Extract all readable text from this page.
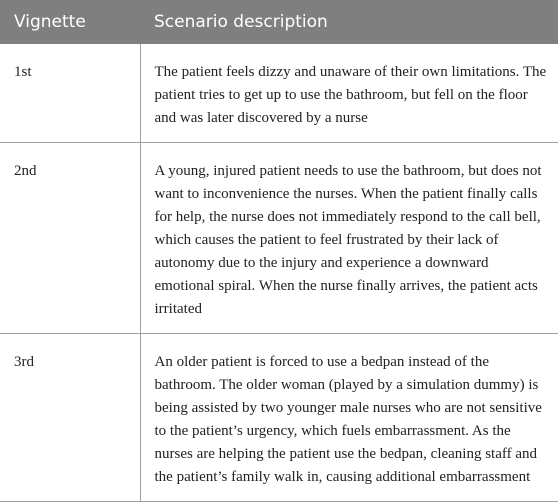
Vignette	Scenario description
1st	The patient feels dizzy and unaware of their own limitations. The patient tries to get up to use the bathroom, but fell on the floor and was later discovered by a nurse
2nd	A young, injured patient needs to use the bathroom, but does not want to inconvenience the nurses. When the patient finally calls for help, the nurse does not immediately respond to the call bell, which causes the patient to feel frustrated by their lack of autonomy due to the injury and experience a downward emotional spiral. When the nurse finally arrives, the patient acts irritated
3rd	An older patient is forced to use a bedpan instead of the bathroom. The older woman (played by a simulation dummy) is being assisted by two younger male nurses who are not sensitive to the patient’s urgency, which fuels embarrassment. As the nurses are helping the patient use the bedpan, cleaning staff and the patient’s family walk in, causing additional embarrassment
